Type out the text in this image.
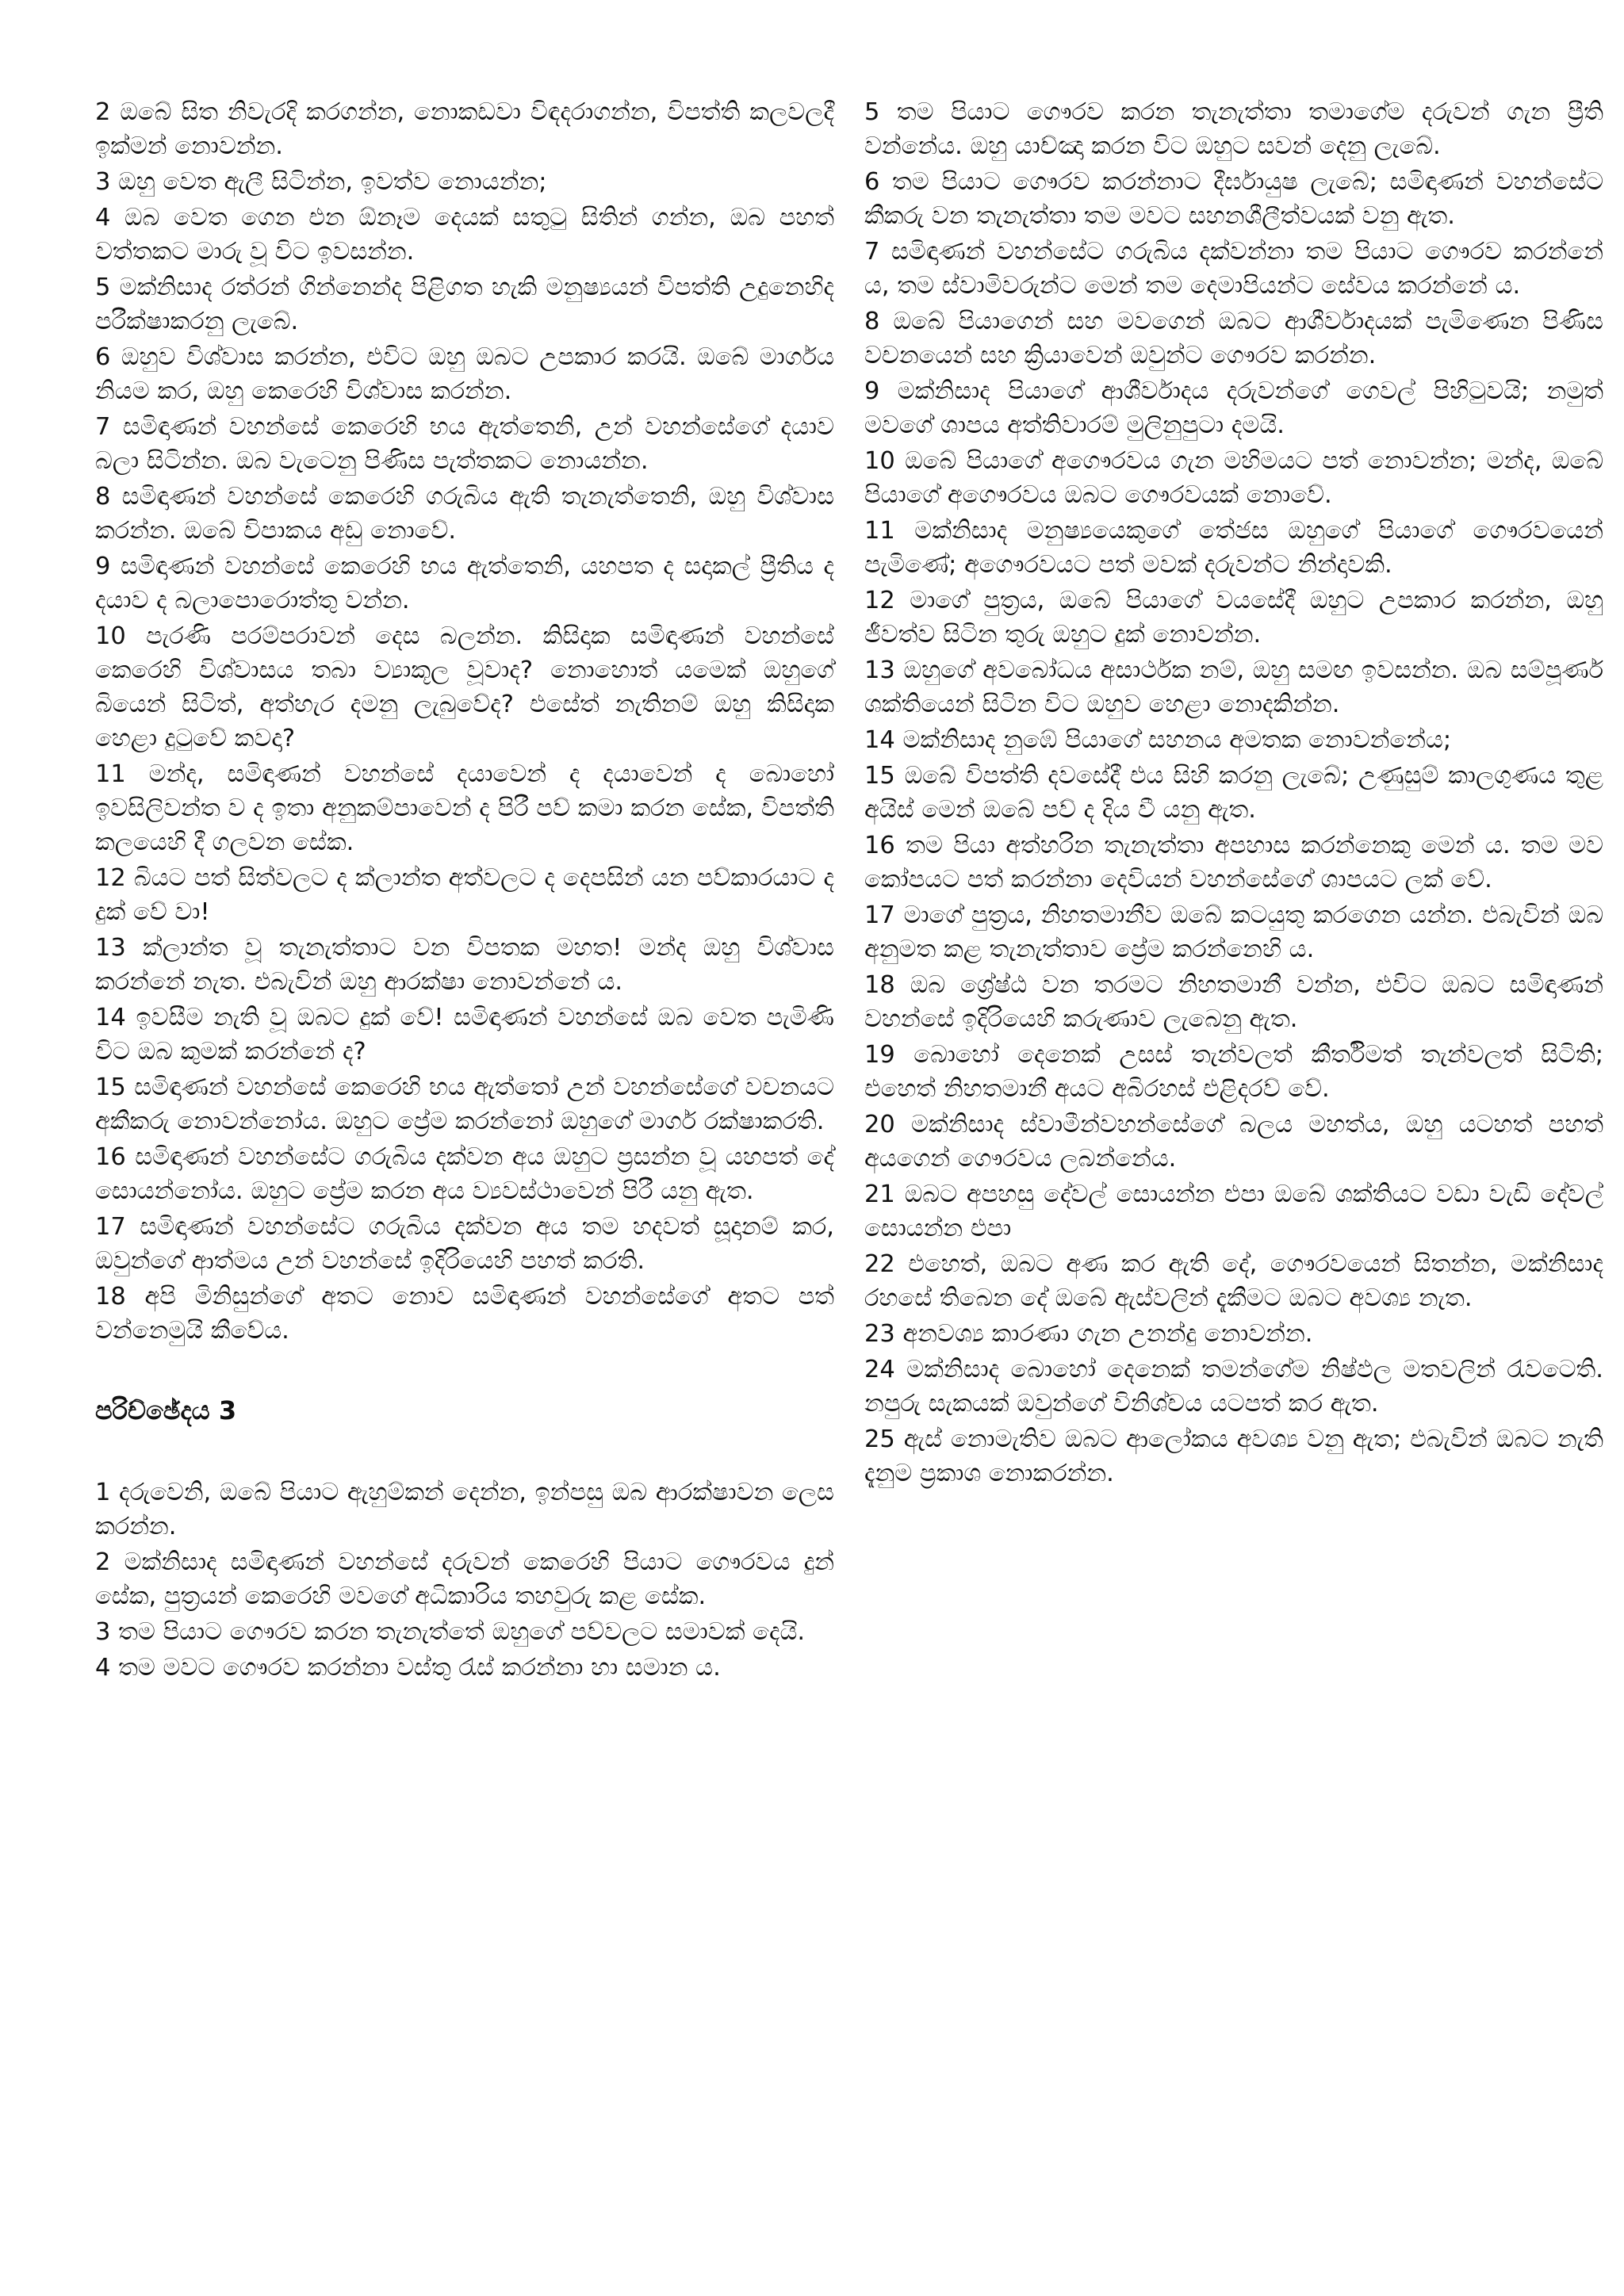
2 ඔබේ සිත නිවැරදි කරගන්න, නොකඩවා විඳදරාගන්න, විපත්ති කලවලදී ඉක්මන් නොවන්න.

3 ඔහු වෙත ඇලී සිටින්න, ඉවත්ව නොයන්න;

4 ඔබ වෙත ගෙන එන ඕනෑම දෙයක් සතුටු සිතින් ගන්න, ඔබ පහත් වත්තකට මාරු වූ විට ඉවසන්න.

5 මක්නිසාද රත්රන් ගින්නෙන්ද පිළිගත හැකි මනුෂ්‍යයන් විපත්ති උදුනෙහිද පරීක්ෂාකරනු ලැබේ.

6 ඔහුව විශ්වාස කරන්න, එවිට ඔහු ඔබට උපකාර කරයි. ඔබේ මාර්ගය නියම කර, ඔහු කෙරෙහි විශ්වාස කරන්න.

7 සමිඳාණන් වහන්සේ කෙරෙහි භය ඇත්තෙනි, උන් වහන්සේගේ දයාව බලා සිටින්න. ඔබ වැටෙනු පිණිස පැත්තකට නොයන්න.

8 සමිඳාණන් වහන්සේ කෙරෙහි ගරුබිය ඇති තැනැත්තෙනි, ඔහු විශ්වාස කරන්න. ඔබේ විපාකය අඩු නොවේ.

9 සමිඳාණන් වහන්සේ කෙරෙහි භය ඇත්තෙනි, යහපත ද සදාකල් ප්‍රීතිය ද දයාව ද බලාපොරොත්තු වන්න.

10 පැරණි පරම්පරාවන් දෙස බලන්න. කිසිදාක සමිඳාණන් වහන්සේ කෙරෙහි විශ්වාසය තබා ව්‍යාකූල වූවාද? නොහොත් යමෙක් ඔහුගේ බියෙන් සිටිත්, අත්හැර දමනු ලැබුවේද? එසේත් නැතිනම් ඔහු කිසිදාක හෙළා දුටුවේ කවදා?

11 මන්ද, සමිඳාණන් වහන්සේ දයාවෙන් ද දයාවෙන් ද බොහෝ ඉවසිලිවන්ත ව ද ඉතා අනුකම්පාවෙන් ද පිරී පව් කමා කරන සේක, විපත්ති කලයෙහි දී ගලවන සේක.

12 බියට පත් සිත්වලට ද ක්ලාන්ත අත්වලට ද දෙපසින් යන පව්කාරයාට ද දුක් වේ වා!

13 ක්ලාන්ත වූ තැනැත්තාට වන විපතක මහත! මන්ද ඔහු විශ්වාස කරන්නේ නැත. එබැවින් ඔහු ආරක්ෂා නොවන්නේ ය.

14 ඉවසීම නැති වූ ඔබට දුක් වේ! සමිඳාණන් වහන්සේ ඔබ වෙත පැමිණි විට ඔබ කුමක් කරන්නේ ද?

15 සමිඳාණන් වහන්සේ කෙරෙහි භය ඇත්තෝ උන් වහන්සේගේ වචනයට අකීකරු නොවන්නෝය. ඔහුට ප්‍රේම කරන්නෝ ඔහුගේ මාර්ග රක්ෂාකරති.

16 සමිඳාණන් වහන්සේට ගරුබිය දක්වන අය ඔහුට ප්‍රසන්න වූ යහපත් දේ සොයන්නෝය. ඔහුට ප්‍රේම කරන අය ව්‍යවස්ථාවෙන් පිරී යනු ඇත.

17 සමිඳාණන් වහන්සේට ගරුබිය දක්වන අය තම හදවත් සූදානම් කර, ඔවුන්ගේ ආත්මය උන් වහන්සේ ඉදිරියෙහි පහත් කරති.

18 අපි මිනිසුන්ගේ අතට නොව සමිඳාණන් වහන්සේගේ අතට පත් වන්නෙමුයි කීවේය.

පරිච්ඡේදය 3

1 දරුවෙනි, ඔබේ පියාට ඇහුම්කන් දෙන්න, ඉන්පසු ඔබ ආරක්ෂාවන ලෙස කරන්න.

2 මක්නිසාද සමිඳාණන් වහන්සේ දරුවන් කෙරෙහි පියාට ගෞරවය දුන් සේක, පුත්‍රයන් කෙරෙහි මවගේ අධිකාරිය තහවුරු කළ සේක.

3 තම පියාට ගෞරව කරන තැනැත්තේ ඔහුගේ පව්වලට සමාවක් දෙයි.

4 තම මවට ගෞරව කරන්නා වස්තු රැස් කරන්නා හා සමාන ය.

5 තම පියාට ගෞරව කරන තැනැත්තා තමාගේම දරුවන් ගැන ප්‍රීති වන්නේය. ඔහු යාච්ඤා කරන විට ඔහුට සවන් දෙනු ලැබේ.

6 තම පියාට ගෞරව කරන්නාට දීර්ඝායුෂ ලැබේ; සමිඳාණන් වහන්සේට කීකරු වන තැනැත්තා තම මවට සහනශීලීත්වයක් වනු ඇත.

7 සමිඳාණන් වහන්සේට ගරුබිය දක්වන්නා තම පියාට ගෞරව කරන්නේ ය, තම ස්වාමිවරුන්ට මෙන් තම දෙමාපියන්ට සේවය කරන්නේ ය.

8 ඔබේ පියාගෙන් සහ මවගෙන් ඔබට ආශීර්වාදයක් පැමිණෙන පිණිස වචනයෙන් සහ ක්‍රියාවෙන් ඔවුන්ට ගෞරව කරන්න.

9 මක්නිසාද පියාගේ ආශීර්වාදය දරුවන්ගේ ගෙවල් පිහිටුවයි; නමුත් මවගේ ශාපය අත්තිවාරම් මුලිනුපුටා දමයි.

10 ඔබේ පියාගේ අගෞරවය ගැන මහිමයට පත් නොවන්න; මන්ද, ඔබේ පියාගේ අගෞරවය ඔබට ගෞරවයක් නොවේ.

11 මක්නිසාද මනුෂ්‍යයෙකුගේ තේජස ඔහුගේ පියාගේ ගෞරවයෙන් පැමිණේ; අගෞරවයට පත් මවක් දරුවන්ට නින්දාවකි.

12 මාගේ පුත්‍රය, ඔබේ පියාගේ වයසේදී ඔහුට උපකාර කරන්න, ඔහු ජීවත්ව සිටින තුරු ඔහුට දුක් නොවන්න.

13 ඔහුගේ අවබෝධය අසාර්ථක නම්, ඔහු සමඟ ඉවසන්න. ඔබ සම්පූර්ණ ශක්තියෙන් සිටින විට ඔහුව හෙළා නොදකින්න.

14 මක්නිසාද නුඹේ පියාගේ සහනය අමතක නොවන්නේය;

15 ඔබේ විපත්ති දවසේදී එය සිහි කරනු ලැබේ; උණුසුම් කාලගුණය තුළ අයිස් මෙන් ඔබේ පව් ද දිය වී යනු ඇත.

16 තම පියා අත්හරින තැනැත්තා අපහාස කරන්නෙකු මෙන් ය. තම මව කෝපයට පත් කරන්නා දෙවියන් වහන්සේගේ ශාපයට ලක් වේ.

17 මාගේ පුත්‍රය, නිහතමානීව ඔබේ කටයුතු කරගෙන යන්න. එබැවින් ඔබ අනුමත කළ තැනැත්තාව ප්‍රේම කරන්නෙහි ය.

18 ඔබ ශ්‍රේෂ්ඨ වන තරමට නිහතමානී වන්න, එවිට ඔබට සමිඳාණන් වහන්සේ ඉදිරියෙහි කරුණාව ලැබෙනු ඇත.

19 බොහෝ දෙනෙක් උසස් තැන්වලත් කීර්තිමත් තැන්වලත් සිටිති; එහෙත් නිහතමානී අයට අබිරහස් එළිදරව් වේ.

20 මක්නිසාද ස්වාමීන්වහන්සේගේ බලය මහත්ය, ඔහු යටහත් පහත් අයගෙන් ගෞරවය ලබන්නේය.

21 ඔබට අපහසු දේවල් සොයන්න එපා ඔබේ ශක්තියට වඩා වැඩි දේවල් සොයන්න එපා

22 එහෙත්, ඔබට අණ කර ඇති දේ, ගෞරවයෙන් සිතන්න, මක්නිසාද රහසේ තිබෙන දේ ඔබේ ඇස්වලින් දැකීමට ඔබට අවශ්‍ය නැත.

23 අනවශ්‍ය කාරණා ගැන උනන්දු නොවන්න.

24 මක්නිසාද බොහෝ දෙනෙක් තමන්ගේම නිෂ්ඵල මතවලින් රැවටෙති. නපුරු සැකයක් ඔවුන්ගේ විනිශ්චය යටපත් කර ඇත.

25 ඇස් නොමැතිව ඔබට ආලෝකය අවශ්‍ය වනු ඇත; එබැවින් ඔබට නැති දැනුම ප්‍රකාශ නොකරන්න.
